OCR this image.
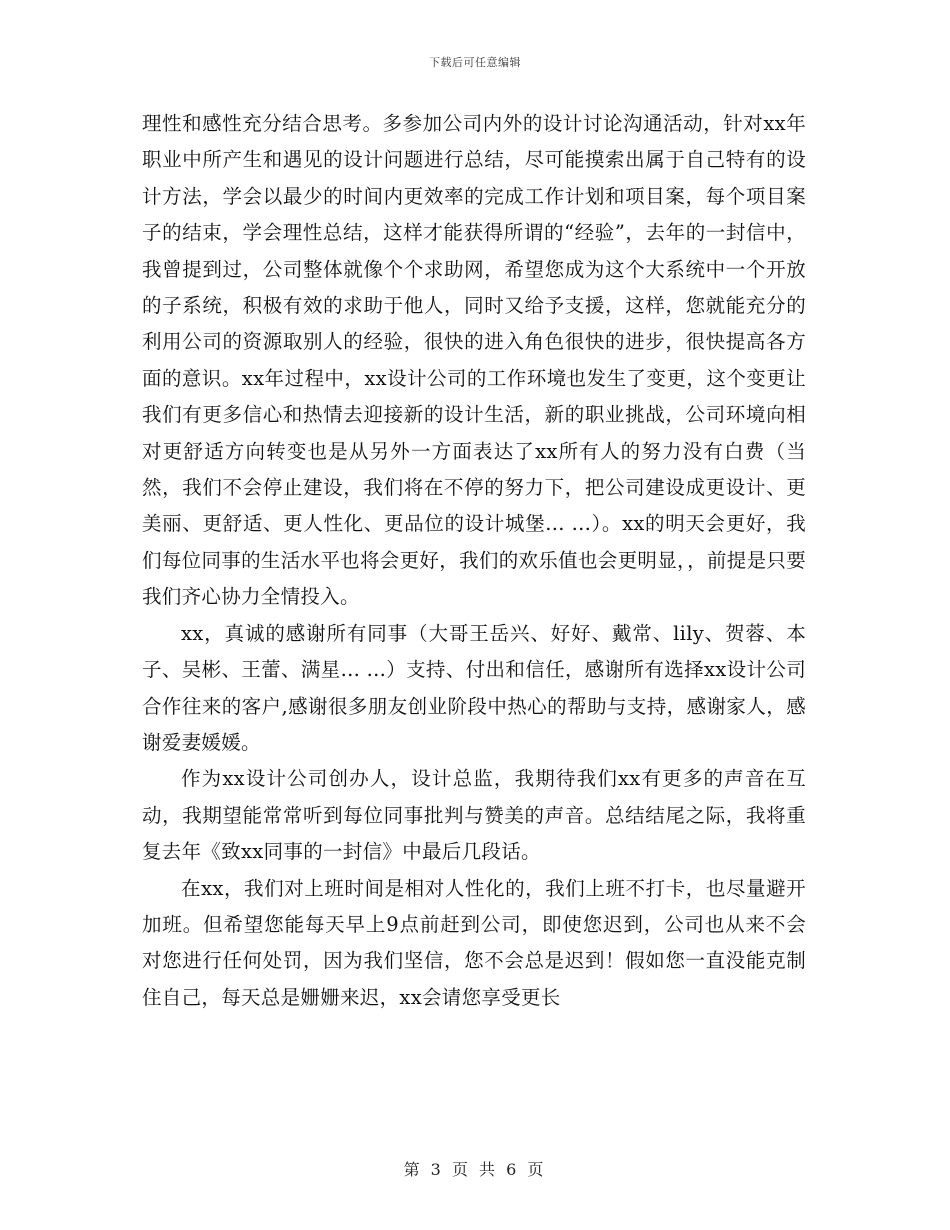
下载后可任意编辑

理性和感性充分结合思考。多参加公司内外的设计讨论沟通活动，针对xx年职业中所产生和遇见的设计问题进行总结，尽可能摸索出属于自己特有的设计方法，学会以最少的时间内更效率的完成工作计划和项目案，每个项目案子的结束，学会理性总结，这样才能获得所谓的“经验”，去年的一封信中，我曾提到过，公司整体就像个个求助网，希望您成为这个大系统中一个开放的子系统，积极有效的求助于他人，同时又给予支援，这样，您就能充分的利用公司的资源取别人的经验，很快的进入角色很快的进步，很快提高各方面的意识。xx年过程中，xx设计公司的工作环境也发生了变更，这个变更让我们有更多信心和热情去迎接新的设计生活，新的职业挑战，公司环境向相对更舒适方向转变也是从另外一方面表达了xx所有人的努力没有白费（当然，我们不会停止建设，我们将在不停的努力下，把公司建设成更设计、更美丽、更舒适、更人性化、更品位的设计城堡... ...）。xx的明天会更好，我们每位同事的生活水平也将会更好，我们的欢乐值也会更明显，，前提是只要我们齐心协力全情投入。

xx，真诚的感谢所有同事（大哥王岳兴、好好、戴常、lily、贺蓉、本子、吴彬、王蕾、满星... ...）支持、付出和信任，感谢所有选择xx设计公司合作往来的客户,感谢很多朋友创业阶段中热心的帮助与支持，感谢家人，感谢爱妻媛媛。

作为xx设计公司创办人，设计总监，我期待我们xx有更多的声音在互动，我期望能常常听到每位同事批判与赞美的声音。总结结尾之际，我将重复去年《致xx同事的一封信》中最后几段话。

在xx，我们对上班时间是相对人性化的，我们上班不打卡，也尽量避开加班。但希望您能每天早上9点前赶到公司，即使您迟到，公司也从来不会对您进行任何处罚，因为我们坚信，您不会总是迟到！假如您一直没能克制住自己，每天总是姗姗来迟，xx会请您享受更长

第 3 页 共 6 页
